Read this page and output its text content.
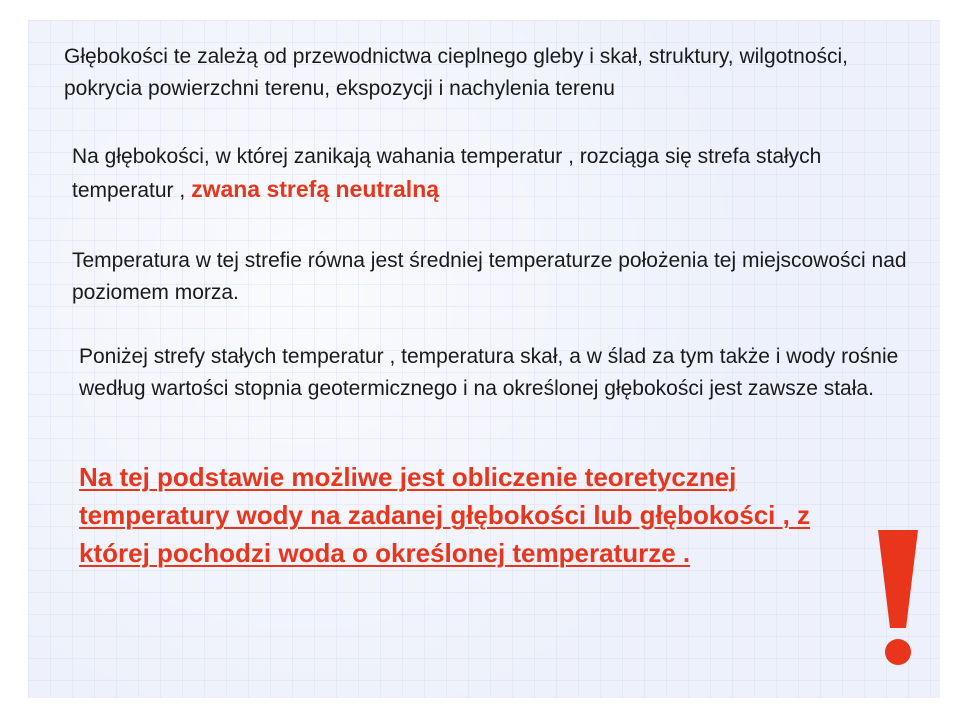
Głębokości te zależą od przewodnictwa cieplnego gleby i skał, struktury, wilgotności, pokrycia powierzchni terenu, ekspozycji i nachylenia terenu

Na głębokości, w której zanikają wahania temperatur , rozciąga się strefa stałych temperatur , zwana strefą neutralną

Temperatura w tej strefie równa jest średniej temperaturze położenia tej miejscowości nad poziomem morza.

Poniżej strefy stałych temperatur , temperatura skał, a w ślad za tym także i wody rośnie według wartości stopnia geotermicznego i na określonej głębokości jest zawsze stała.

Na tej podstawie możliwe jest obliczenie teoretycznej temperatury wody na zadanej głębokości lub głębokości , z której pochodzi woda o określonej temperaturze .
